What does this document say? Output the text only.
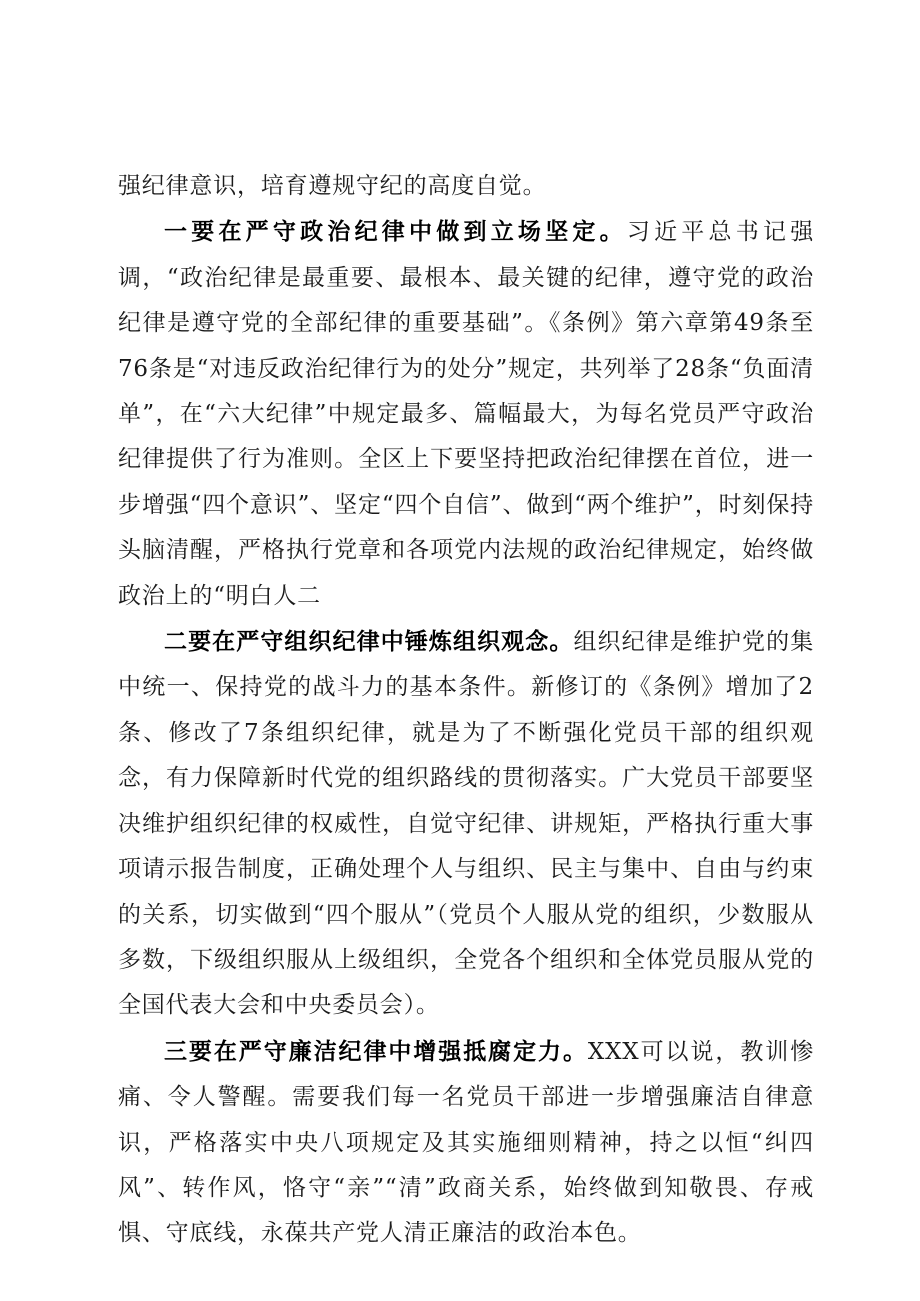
强纪律意识，培育遵规守纪的高度自觉。

一要在严守政治纪律中做到立场坚定。习近平总书记强调，“政治纪律是最重要、最根本、最关键的纪律，遵守党的政治纪律是遵守党的全部纪律的重要基础”。《条例》第六章第49条至76条是“对违反政治纪律行为的处分”规定，共列举了28条“负面清单”，在“六大纪律”中规定最多、篇幅最大，为每名党员严守政治纪律提供了行为准则。全区上下要坚持把政治纪律摆在首位，进一步增强“四个意识”、坚定“四个自信”、做到“两个维护”，时刻保持头脑清醒，严格执行党章和各项党内法规的政治纪律规定，始终做政治上的“明白人二

二要在严守组织纪律中锤炼组织观念。组织纪律是维护党的集中统一、保持党的战斗力的基本条件。新修订的《条例》增加了2条、修改了7条组织纪律，就是为了不断强化党员干部的组织观念，有力保障新时代党的组织路线的贯彻落实。广大党员干部要坚决维护组织纪律的权威性，自觉守纪律、讲规矩，严格执行重大事项请示报告制度，正确处理个人与组织、民主与集中、自由与约束的关系，切实做到“四个服从”（党员个人服从党的组织，少数服从多数，下级组织服从上级组织，全党各个组织和全体党员服从党的全国代表大会和中央委员会）。

三要在严守廉洁纪律中增强抵腐定力。XXX可以说，教训惨痛、令人警醒。需要我们每一名党员干部进一步增强廉洁自律意识，严格落实中央八项规定及其实施细则精神，持之以恒“纠四风”、转作风，恪守“亲”“清”政商关系，始终做到知敬畏、存戒惧、守底线，永葆共产党人清正廉洁的政治本色。
